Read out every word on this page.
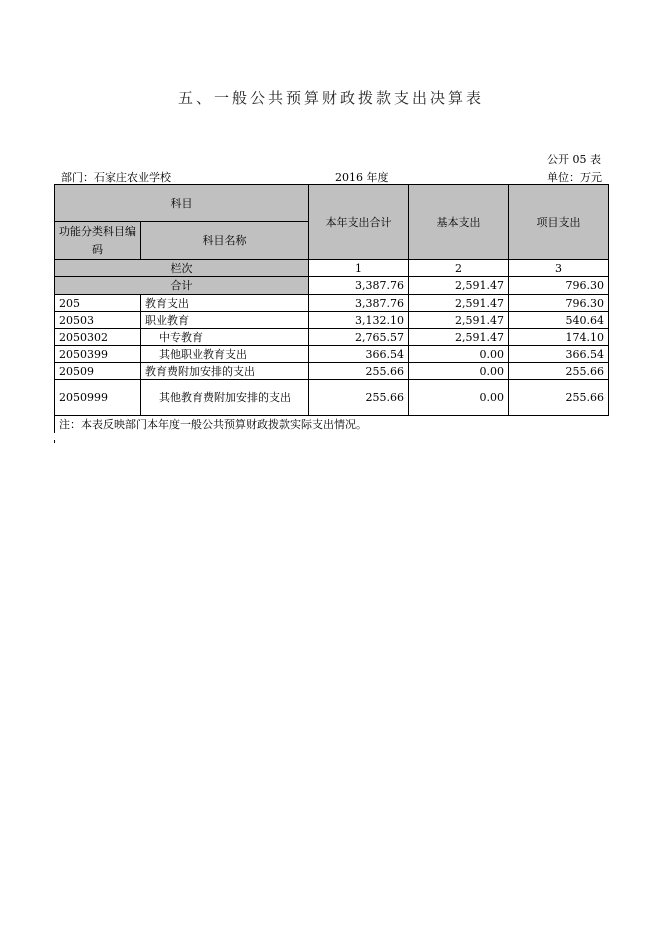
五、一般公共预算财政拨款支出决算表
公开 05 表
部门：石家庄农业学校	2016 年度	单位：万元
科目		本年支出合计	基本支出	项目支出
功能分类科目编码	科目名称			
栏次		1	2	3
合计		3,387.76	2,591.47	796.30
205	教育支出	3,387.76	2,591.47	796.30
20503	职业教育	3,132.10	2,591.47	540.64
2050302	中专教育	2,765.57	2,591.47	174.10
2050399	其他职业教育支出	366.54	0.00	366.54
20509	教育费附加安排的支出	255.66	0.00	255.66
2050999	其他教育费附加安排的支出	255.66	0.00	255.66
注：本表反映部门本年度一般公共预算财政拨款实际支出情况。				
